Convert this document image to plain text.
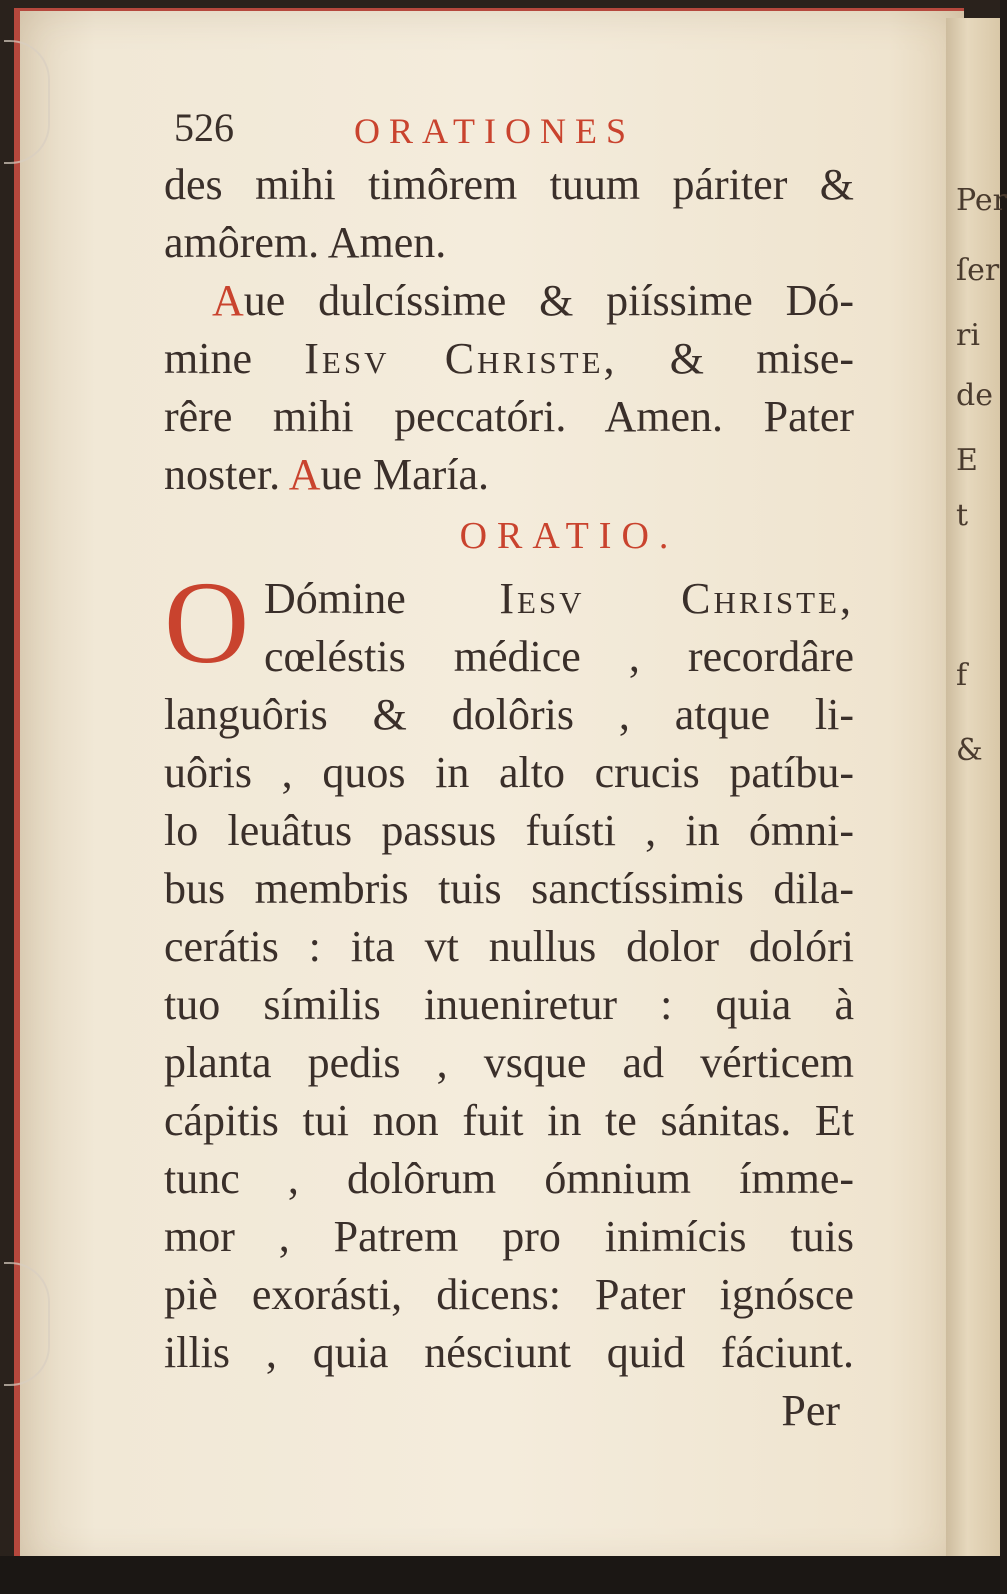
Per
ſer
ri
de
E
t
f
&
526	ORATIONES
des mihi timôrem tuum páriter &
amôrem. Amen.
Aue dulcíssime & piíssime Dó-
mine Iesv Christe, & mise-
rêre mihi peccatóri. Amen. Pater
noster. Aue María.
ORATIO.
O Dómine Iesv Christe,
cœléstis médice , recordâre
languôris & dolôris , atque li-
uôris , quos in alto crucis patíbu-
lo leuâtus passus fuísti , in ómni-
bus membris tuis sanctíssimis dila-
cerátis : ita vt nullus dolor dolóri
tuo símilis inueniretur : quia à
planta pedis , vsque ad vérticem
cápitis tui non fuit in te sánitas. Et
tunc , dolôrum ómnium ímme-
mor , Patrem pro inimícis tuis
piè exorásti, dicens: Pater ignósce
illis , quia nésciunt quid fáciunt.
Per
